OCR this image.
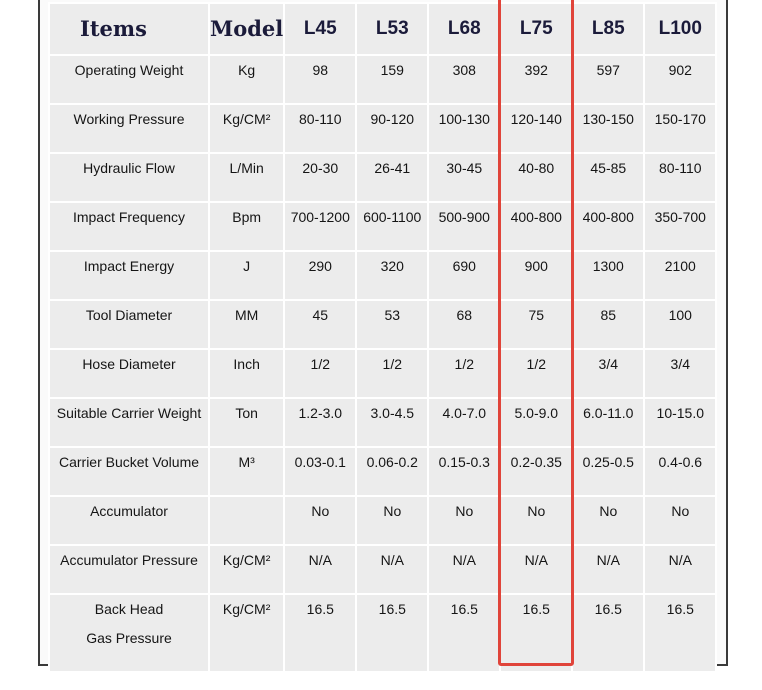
Items	Model	L45	L53	L68	L75	L85	L100
Operating Weight	Kg	98	159	308	392	597	902
Working Pressure	Kg/CM²	80-110	90-120	100-130	120-140	130-150	150-170
Hydraulic Flow	L/Min	20-30	26-41	30-45	40-80	45-85	80-110
Impact Frequency	Bpm	700-1200	600-1100	500-900	400-800	400-800	350-700
Impact Energy	J	290	320	690	900	1300	2100
Tool Diameter	MM	45	53	68	75	85	100
Hose Diameter	Inch	1/2	1/2	1/2	1/2	3/4	3/4
Suitable Carrier Weight	Ton	1.2-3.0	3.0-4.5	4.0-7.0	5.0-9.0	6.0-11.0	10-15.0
Carrier Bucket Volume	M³	0.03-0.1	0.06-0.2	0.15-0.3	0.2-0.35	0.25-0.5	0.4-0.6
Accumulator		No	No	No	No	No	No
Accumulator Pressure	Kg/CM²	N/A	N/A	N/A	N/A	N/A	N/A
Back Head Gas Pressure	Kg/CM²	16.5	16.5	16.5	16.5	16.5	16.5
